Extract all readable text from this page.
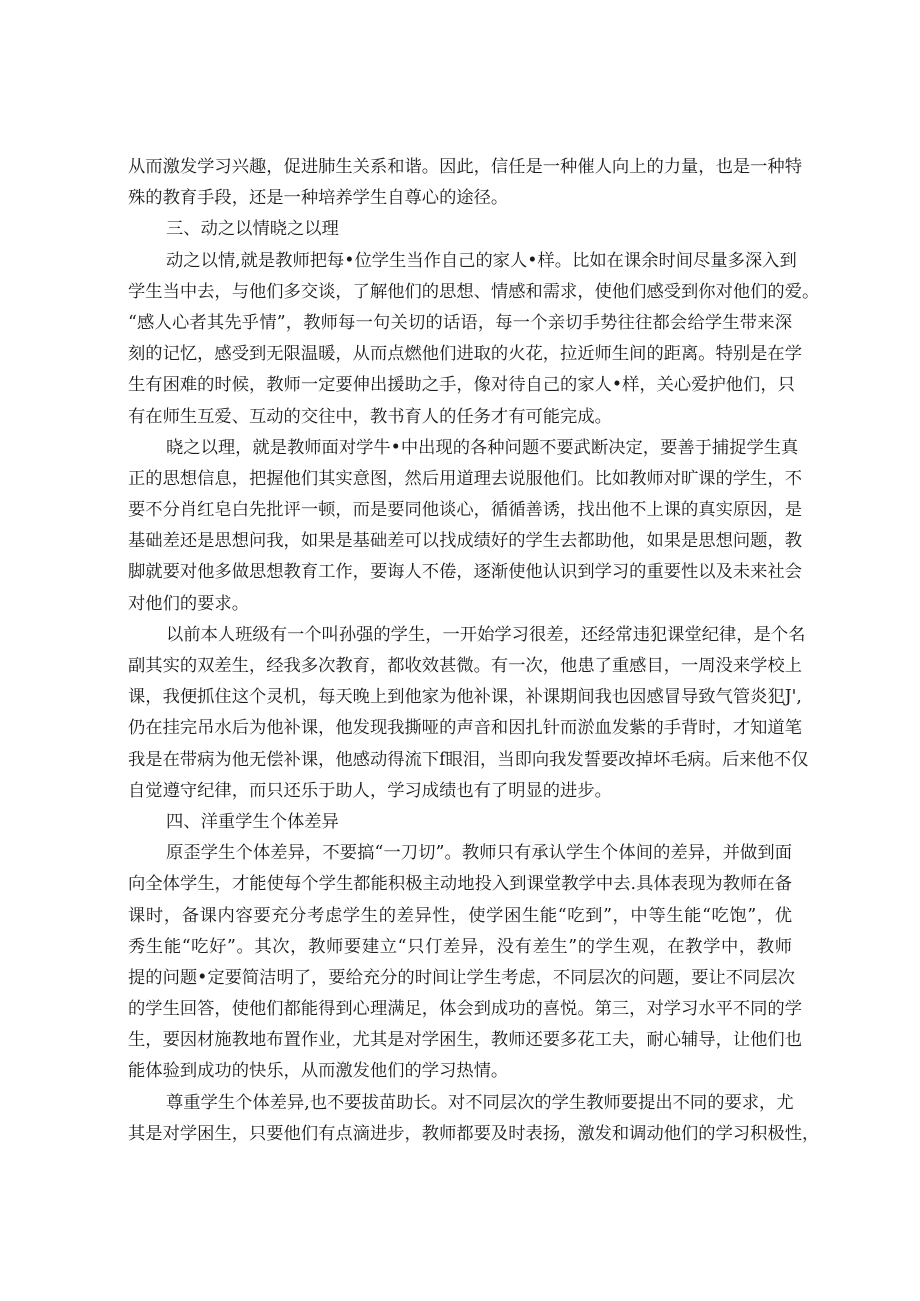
从而激发学习兴趣，促进肺生关系和谐。因此，信任是一种催人向上的力量，也是一种特
殊的教育手段，还是一种培养学生自尊心的途径。
三、动之以情晓之以理
动之以情,就是教师把每•位学生当作自己的家人•样。比如在课余时间尽量多深入到
学生当中去，与他们多交谈，了解他们的思想、情感和需求，使他们感受到你对他们的爱。
“感人心者其先乎情”，教师每一句关切的话语，每一个亲切手势往往都会给学生带来深
刻的记忆，感受到无限温暖，从而点燃他们进取的火花，拉近师生间的距离。特别是在学
生有困难的时候，教师一定要伸出援助之手，像对待自己的家人•样，关心爱护他们，只
有在师生互爱、互动的交往中，教书育人的任务才有可能完成。
晓之以理，就是教师面对学牛•中出现的各种问题不要武断决定，要善于捕捉学生真
正的思想信息，把握他们其实意图，然后用道理去说服他们。比如教师对旷课的学生，不
要不分肖红皂白先批评一顿，而是要同他谈心，循循善诱，找出他不上课的真实原因，是
基础差还是思想问我，如果是基础差可以找成绩好的学生去都助他，如果是思想问题，教
脚就要对他多做思想教育工作，要诲人不倦，逐渐使他认识到学习的重要性以及未来社会
对他们的要求。
以前本人班级有一个叫孙强的学生，一开始学习很差，还经常违犯课堂纪律，是个名
副其实的双差生，经我多次教育，都收效甚微。有一次，他患了重感目，一周没来学校上
课，我便抓住这个灵机，每天晚上到他家为他补课，补课期间我也因感冒导致气管炎犯J',
仍在挂完吊水后为他补课，他发现我撕哑的声音和因扎针而淤血发紫的手背时，才知道笔
我是在带病为他无偿补课，他感动得流下f眼泪，当即向我发誓要改掉坏毛病。后来他不仅
自觉遵守纪律，而只还乐于助人，学习成绩也有了明显的进步。
四、洋重学生个体差异
原歪学生个体差异，不要搞“一刀切”。教师只有承认学生个体间的差异，并做到面
向全体学生，才能使每个学生都能积极主动地投入到课堂教学中去.具体表现为教师在备
课时，备课内容要充分考虑学生的差异性，使学困生能“吃到”，中等生能“吃饱”，优
秀生能“吃好”。其次，教师要建立“只仃差异，没有差生”的学生观，在教学中，教师
提的问题•定要简洁明了，要给充分的时间让学生考虑，不同层次的问题，要让不同层次
的学生回答，使他们都能得到心理满足，体会到成功的喜悦。第三，对学习水平不同的学
生，要因材施教地布置作业，尤其是对学困生，教师还要多花工夫，耐心辅导，让他们也
能体验到成功的快乐，从而激发他们的学习热情。
尊重学生个体差异,也不要拔苗助长。对不同层次的学生教师要提出不同的要求，尤
其是对学困生，只要他们有点滴进步，教师都要及时表扬，激发和调动他们的学习积极性，
